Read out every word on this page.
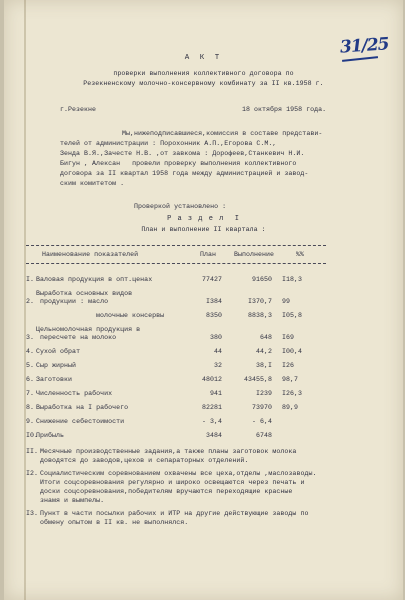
31/25
А К Т
проверки выполнения коллективного договора по
Резекненскому молочно-консервному комбинату за II кв.1958 г.
г.Резекне	18 октября 1958 года.
Мы,нижеподписавшиеся,комиссия в составе представи-
телей от администрации : Порохонник А.П.,Егорова С.М.,
Зенда В.Я.,Зачесте Н.В. ,от завкома : Дорофеев,Станкевич Н.И.
Бигун , Алексан   провели проверку выполнения коллективного
договора за II квартал 1958 года между администрацией и завод-
ским комитетом .
Проверкой установлено :
Р а з д е л  I
План и выполнение II квартала :
Наименование показателей	План	Выполнение	%%
I. Валовая продукция в опт.ценах	77427	91650 I18,3
2.
Выработка основных видов
продукции : масло	I384	I370,7 99
молочные консервы	8350	8838,3 I05,8
3.
Цельномолочная продукция в
пересчете на молоко	380	648 I69
4. Сухой обрат	44	44,2 I00,4
5. Сыр жирный	32	38,I I26
6. Заготовки	48012	43455,8 98,7
7. Численность рабочих	941	I239 I26,3
8. Выработка на I рабочего	82281	73970 89,9
9. Снижение себестоимости	- 3,4	- 6,4
I0.
Прибыль	3484	6748
II. Месячные производственные задания,а также планы заготовок молока
доводятся до заводов,цехов и сепараторных отделений.
I2. Социалистическим соревнованием охвачены все цеха,отделы ,маслозаводы.
Итоги соцсоревнования регулярно и широко освещаются через печать и
доски соцсоревнования,победителям вручаются переходящие красные
знамя и вымпелы.
I3. Пункт в части посылки рабочих и ИТР на другие действующие заводы по
обмену опытом в II кв. не выполнялся.
